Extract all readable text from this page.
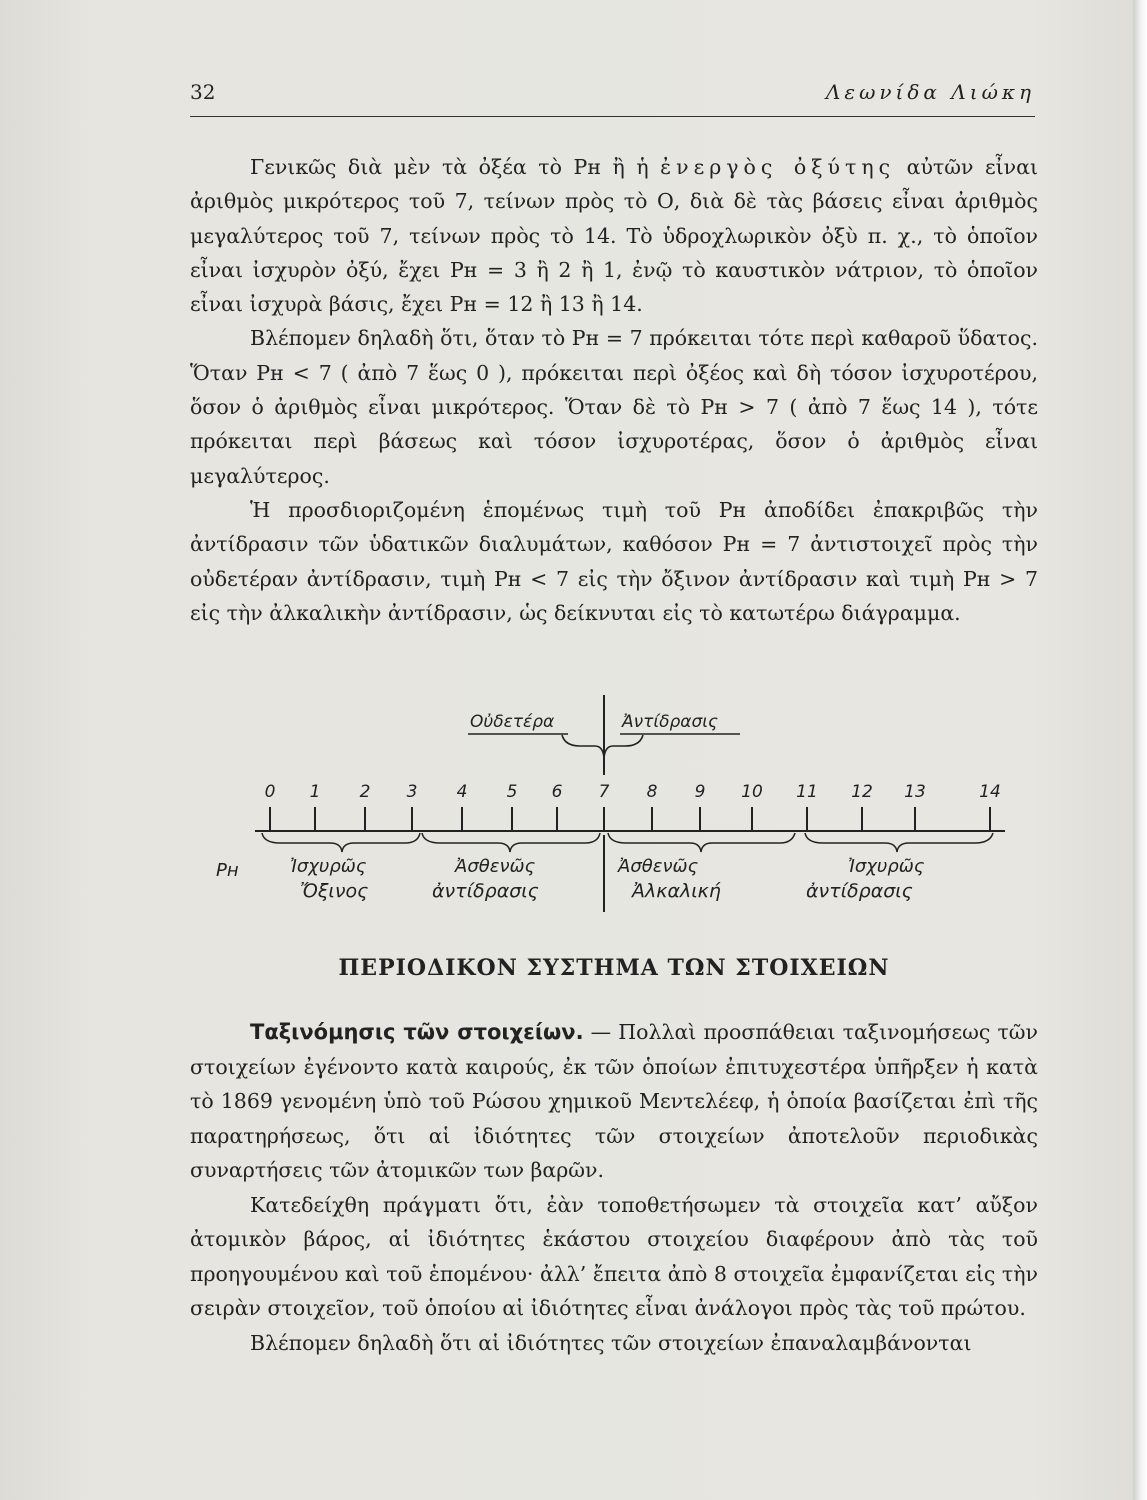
32	Λεωνίδα Λιώκη

Γενικῶς διὰ μὲν τὰ ὀξέα τὸ Pʜ ἢ ἡ ἐνεργὸς ὀξύτης αὐτῶν εἶναι ἀριθμὸς μικρότερος τοῦ 7, τείνων πρὸς τὸ Ο, διὰ δὲ τὰς βάσεις εἶναι ἀριθμὸς μεγαλύτερος τοῦ 7, τείνων πρὸς τὸ 14. Τὸ ὑδροχλωρικὸν ὀξὺ π. χ., τὸ ὁποῖον εἶναι ἰσχυρὸν ὀξύ, ἔχει Pʜ = 3 ἢ 2 ἢ 1, ἐνῷ τὸ καυστικὸν νάτριον, τὸ ὁποῖον εἶναι ἰσχυρὰ βάσις, ἔχει Pʜ = 12 ἢ 13 ἢ 14.

Βλέπομεν δηλαδὴ ὅτι, ὅταν τὸ Pʜ = 7 πρόκειται τότε περὶ καθαροῦ ὕδατος. Ὅταν Pʜ < 7 ( ἀπὸ 7 ἕως 0 ), πρόκειται περὶ ὀξέος καὶ δὴ τόσον ἰσχυροτέρου, ὅσον ὁ ἀριθμὸς εἶναι μικρότερος. Ὅταν δὲ τὸ Pʜ > 7 ( ἀπὸ 7 ἕως 14 ), τότε πρόκειται περὶ βάσεως καὶ τόσον ἰσχυροτέρας, ὅσον ὁ ἀριθμὸς εἶναι μεγαλύτερος.

Ἡ προσδιοριζομένη ἑπομένως τιμὴ τοῦ Pʜ ἀποδίδει ἐπακριβῶς τὴν ἀντίδρασιν τῶν ὑδατικῶν διαλυμάτων, καθόσον Pʜ = 7 ἀντιστοιχεῖ πρὸς τὴν οὐδετέραν ἀντίδρασιν, τιμὴ Pʜ < 7 εἰς τὴν ὄξινον ἀντίδρασιν καὶ τιμὴ Pʜ > 7 εἰς τὴν ἀλκαλικὴν ἀντίδρασιν, ὡς δείκνυται εἰς τὸ κατωτέρω διάγραμμα.

Οὐδετέρα	Ἀντίδρασις
0 1 2 3 4 5 6 7 8 9 10 11 12 13	14
Pʜ	Ἰσχυρῶς	Ἀσθενῶς	Ἀσθενῶς	Ἰσχυρῶς
Ὄξινος	ἀντίδρασις	Ἀλκαλική	ἀντίδρασις
ΠΕΡΙΟΔΙΚΟΝ ΣΥΣΤΗΜΑ ΤΩΝ ΣΤΟΙΧΕΙΩΝ

Ταξινόμησις τῶν στοιχείων. — Πολλαὶ προσπάθειαι ταξινομήσεως τῶν στοιχείων ἐγένοντο κατὰ καιρούς, ἐκ τῶν ὁποίων ἐπιτυχεστέρα ὑπῆρξεν ἡ κατὰ τὸ 1869 γενομένη ὑπὸ τοῦ Ρώσου χημικοῦ Μεντελέεφ, ἡ ὁποία βασίζεται ἐπὶ τῆς παρατηρήσεως, ὅτι αἱ ἰδιότητες τῶν στοιχείων ἀποτελοῦν περιοδικὰς συναρτήσεις τῶν ἀτομικῶν των βαρῶν.

Κατεδείχθη πράγματι ὅτι, ἐὰν τοποθετήσωμεν τὰ στοιχεῖα κατ’ αὔξον ἀτομικὸν βάρος, αἱ ἰδιότητες ἑκάστου στοιχείου διαφέρουν ἀπὸ τὰς τοῦ προηγουμένου καὶ τοῦ ἑπομένου· ἀλλ’ ἔπειτα ἀπὸ 8 στοιχεῖα ἐμφανίζεται εἰς τὴν σειρὰν στοιχεῖον, τοῦ ὁποίου αἱ ἰδιότητες εἶναι ἀνάλογοι πρὸς τὰς τοῦ πρώτου.

Βλέπομεν δηλαδὴ ὅτι αἱ ἰδιότητες τῶν στοιχείων ἐπαναλαμβάνονται
